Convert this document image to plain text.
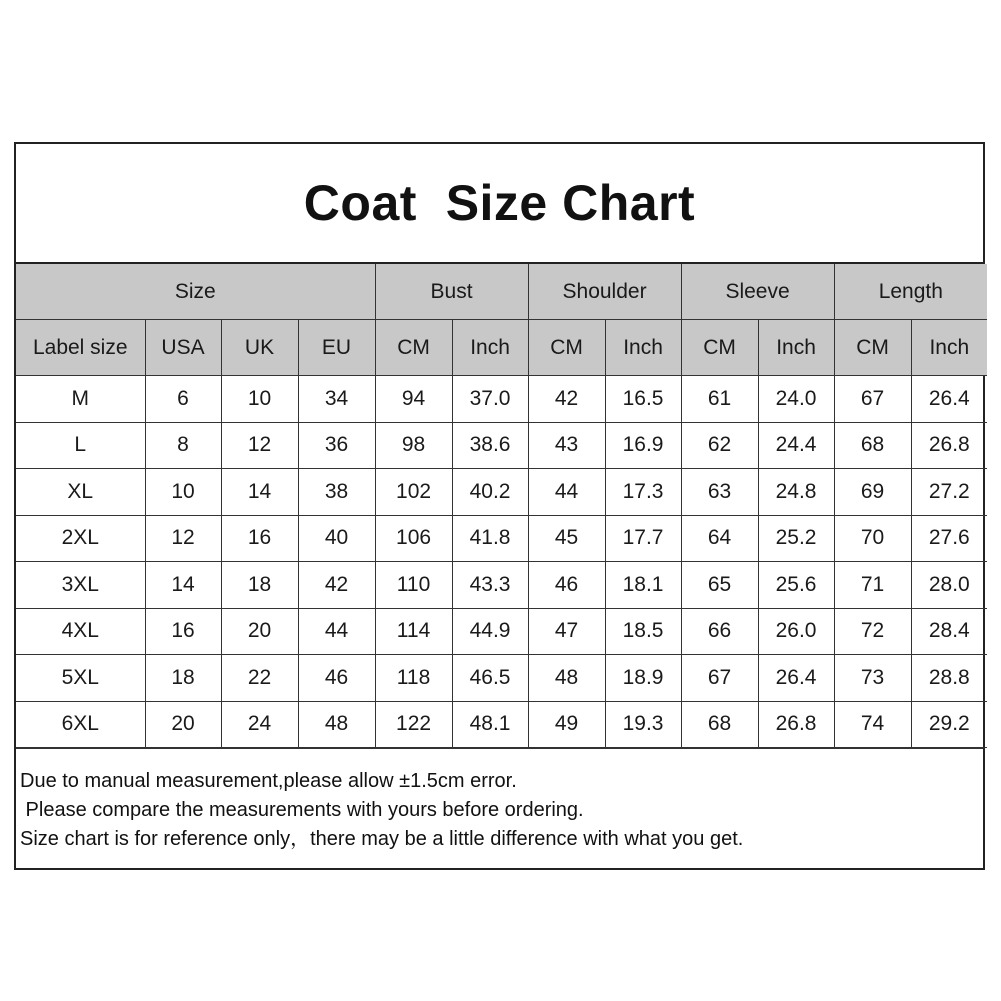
Coat  Size Chart
Size				Bust		Shoulder		Sleeve		Length	
Label size	USA	UK	EU	CM	Inch	CM	Inch	CM	Inch	CM	Inch
M	6	10	34	94	37.0	42	16.5	61	24.0	67	26.4
L	8	12	36	98	38.6	43	16.9	62	24.4	68	26.8
XL	10	14	38	102	40.2	44	17.3	63	24.8	69	27.2
2XL	12	16	40	106	41.8	45	17.7	64	25.2	70	27.6
3XL	14	18	42	110	43.3	46	18.1	65	25.6	71	28.0
4XL	16	20	44	114	44.9	47	18.5	66	26.0	72	28.4
5XL	18	22	46	118	46.5	48	18.9	67	26.4	73	28.8
6XL	20	24	48	122	48.1	49	19.3	68	26.8	74	29.2
Due to manual measurement,please allow ±1.5cm error.
Please compare the measurements with yours before ordering.
Size chart is for reference only，there may be a little difference with what you get.
